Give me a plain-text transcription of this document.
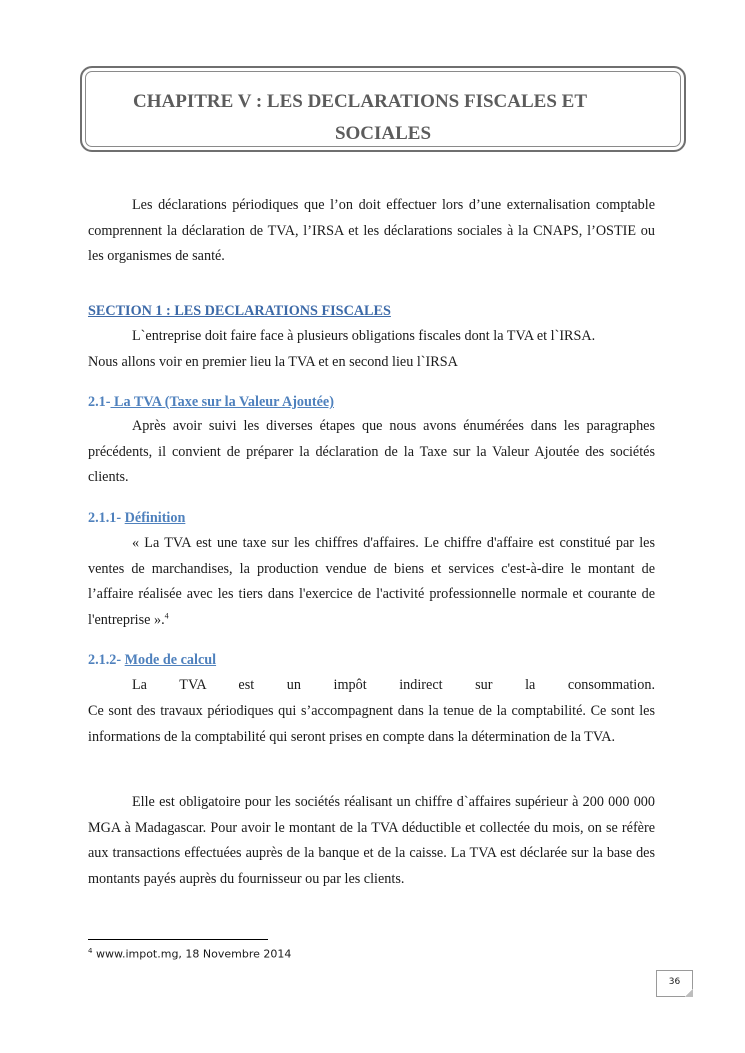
CHAPITRE V : LES DECLARATIONS FISCALES ET
SOCIALES

Les déclarations périodiques que l’on doit effectuer lors d’une externalisation comptable comprennent la déclaration de TVA, l’IRSA et les déclarations sociales à la CNAPS, l’OSTIE ou les organismes de santé.

SECTION 1 : LES DECLARATIONS FISCALES

L`entreprise doit faire face à plusieurs obligations fiscales dont la TVA et l`IRSA.

Nous allons voir en premier lieu la TVA et en second lieu l`IRSA

2.1- La TVA (Taxe sur la Valeur Ajoutée)

Après avoir suivi les diverses étapes que nous avons énumérées dans les paragraphes précédents, il convient de préparer la déclaration de la Taxe sur la Valeur Ajoutée des sociétés clients.

2.1.1- Définition

« La TVA est une taxe sur les chiffres d'affaires. Le chiffre d'affaire est constitué par les ventes de marchandises, la production vendue de biens et services c'est-à-dire le montant de l’affaire réalisée avec les tiers dans l'exercice de l'activité professionnelle normale et courante de l'entreprise ».$^4$

2.1.2- Mode de calcul

La TVA est un impôt indirect sur la consommation.

Ce sont des travaux périodiques qui s’accompagnent dans la tenue de la comptabilité. Ce sont les informations de la comptabilité qui seront prises en compte dans la détermination de la TVA.

Elle est obligatoire pour les sociétés réalisant un chiffre d`affaires supérieur à 200 000 000 MGA à Madagascar. Pour avoir le montant de la TVA déductible et collectée du mois, on se réfère aux transactions effectuées auprès de la banque et de la caisse. La TVA est déclarée sur la base des montants payés auprès du fournisseur ou par les clients.

$^4$ www.impot.mg, 18 Novembre 2014
36
